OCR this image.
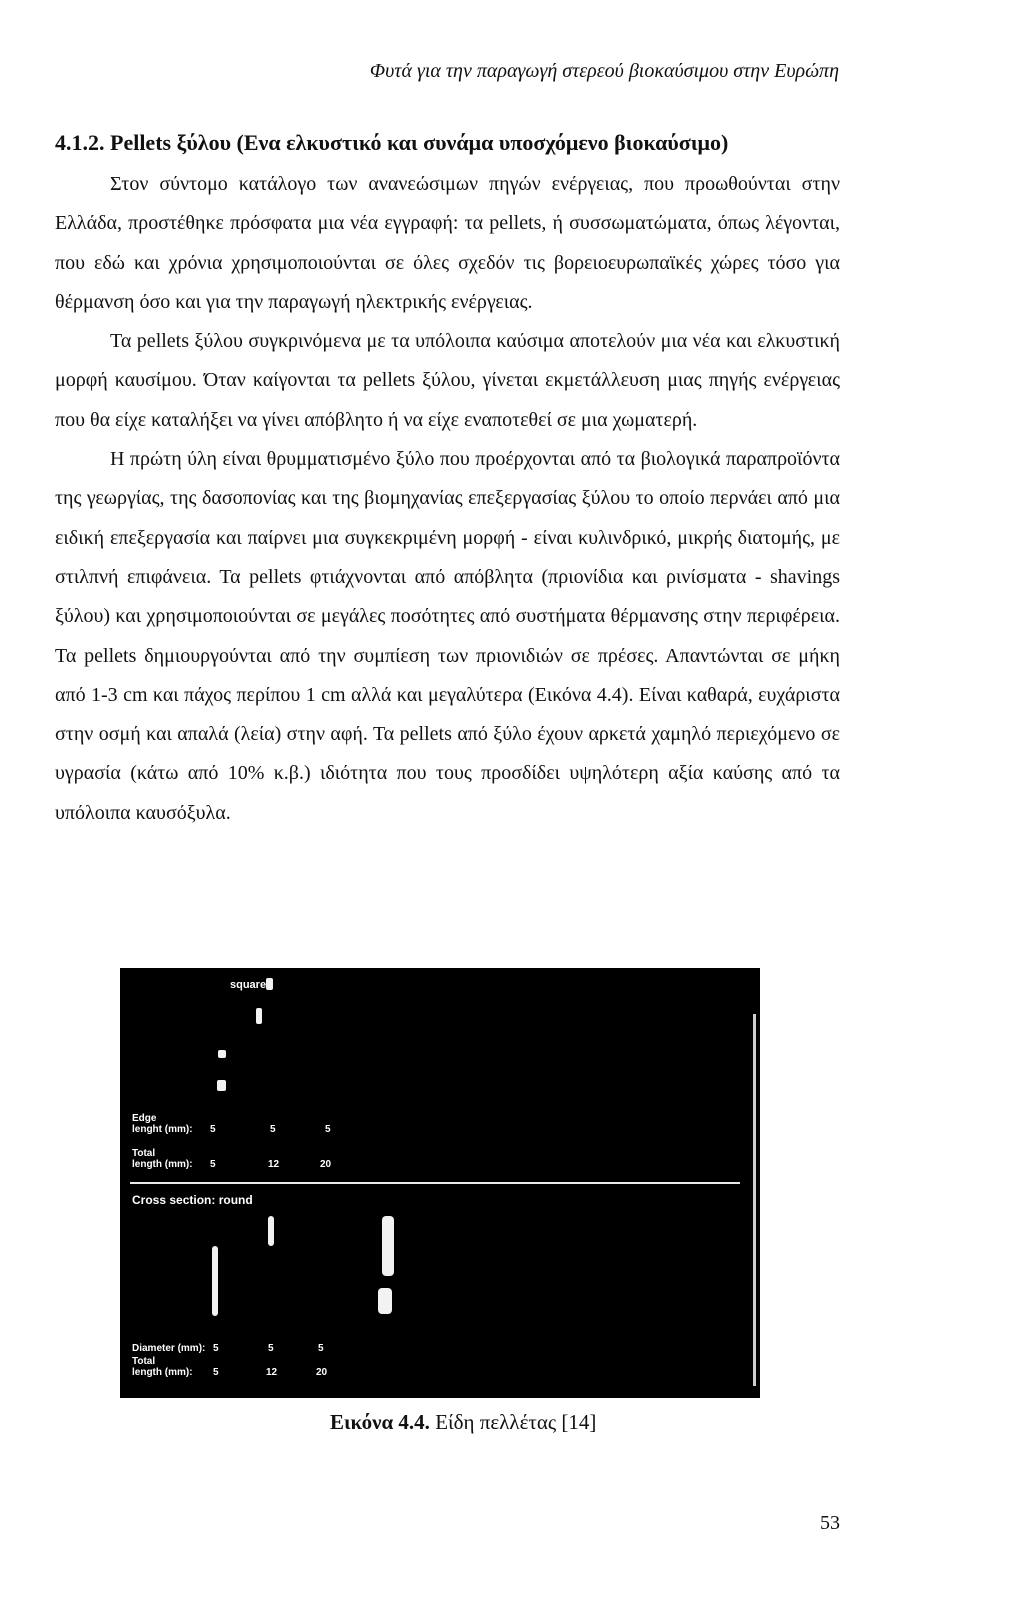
Φυτά για την παραγωγή στερεού βιοκαύσιμου στην Ευρώπη
4.1.2. Pellets ξύλου (Ενα ελκυστικό και συνάμα υποσχόμενο βιοκαύσιμο)

Στον σύντομο κατάλογο των ανανεώσιμων πηγών ενέργειας, που προωθούνται στην Ελλάδα, προστέθηκε πρόσφατα μια νέα εγγραφή: τα pellets, ή συσσωματώματα, όπως λέγονται, που εδώ και χρόνια χρησιμοποιούνται σε όλες σχεδόν τις βορειοευρωπαϊκές χώρες τόσο για θέρμανση όσο και για την παραγωγή ηλεκτρικής ενέργειας.

Τα pellets ξύλου συγκρινόμενα με τα υπόλοιπα καύσιμα αποτελούν μια νέα και ελκυστική μορφή καυσίμου. Όταν καίγονται τα pellets ξύλου, γίνεται εκμετάλλευση μιας πηγής ενέργειας που θα είχε καταλήξει να γίνει απόβλητο ή να είχε εναποτεθεί σε μια χωματερή.

Η πρώτη ύλη είναι θρυμματισμένο ξύλο που προέρχονται από τα βιολογικά παραπροϊόντα της γεωργίας, της δασοπονίας και της βιομηχανίας επεξεργασίας ξύλου το οποίο περνάει από μια ειδική επεξεργασία και παίρνει μια συγκεκριμένη μορφή - είναι κυλινδρικό, μικρής διατομής, με στιλπνή επιφάνεια. Τα pellets φτιάχνονται από απόβλητα (πριονίδια και ρινίσματα - shavings ξύλου) και χρησιμοποιούνται σε μεγάλες ποσότητες από συστήματα θέρμανσης στην περιφέρεια. Τα pellets δημιουργούνται από την συμπίεση των πριονιδιών σε πρέσες. Απαντώνται σε μήκη από 1-3 cm και πάχος περίπου 1 cm αλλά και μεγαλύτερα (Εικόνα 4.4). Είναι καθαρά, ευχάριστα στην οσμή και απαλά (λεία) στην αφή. Τα pellets από ξύλο έχουν αρκετά χαμηλό περιεχόμενο σε υγρασία (κάτω από 10% κ.β.) ιδιότητα που τους προσδίδει υψηλότερη αξία καύσης από τα υπόλοιπα καυσόξυλα.

square
Edge
lenght (mm): 5	5	5
Total
length (mm): 5	12	20
Cross section: round
Diameter (mm): 5	5	5
Total
length (mm): 5	12	20
Εικόνα 4.4. Είδη πελλέτας [14]
53
